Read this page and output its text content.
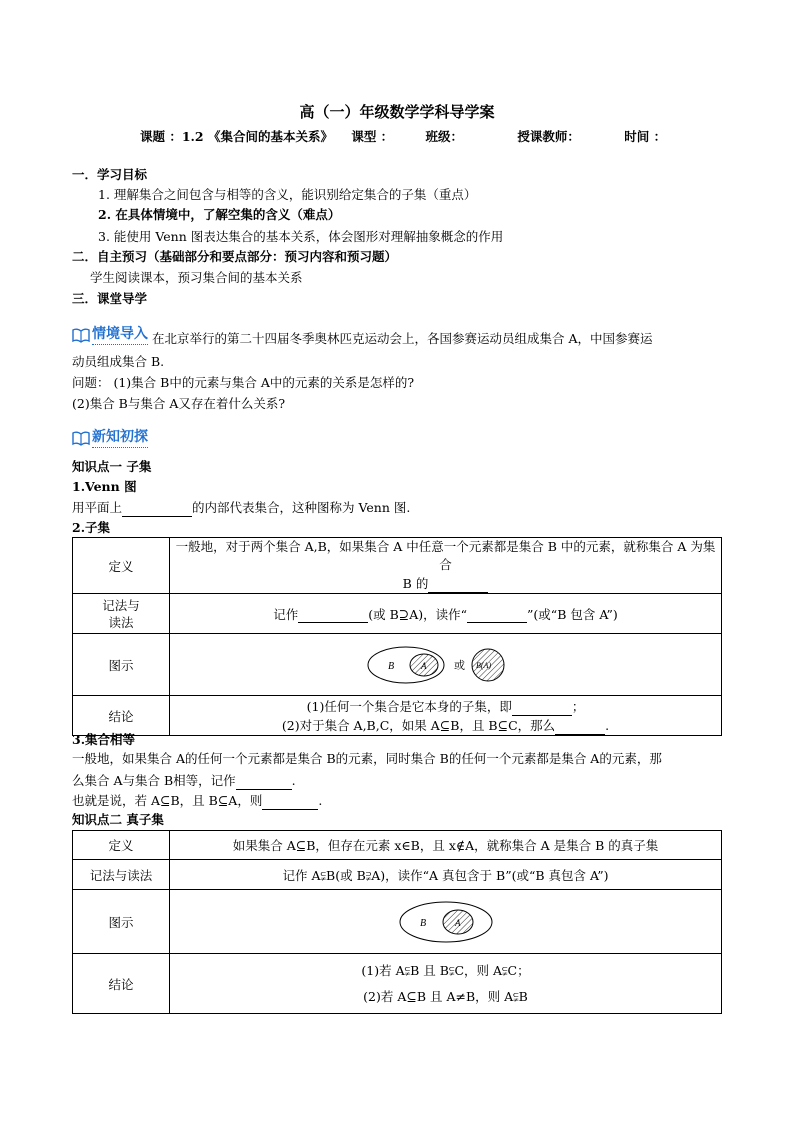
高（一）年级数学学科导学案
课题 ：1.2 《集合间的基本关系》 课型 ：	班级：	授课教师：	时间 ：
一．学习目标
1. 理解集合之间包含与相等的含义，能识别给定集合的子集（重点）
2. 在具体情境中，了解空集的含义（难点）
3. 能使用 Venn 图表达集合的基本关系，体会图形对理解抽象概念的作用
二．自主预习（基础部分和要点部分：预习内容和预习题）
学生阅读课本，预习集合间的基本关系
三．课堂导学
情境导入 在北京举行的第二十四届冬季奥林匹克运动会上，各国参赛运动员组成集合 A，中国参赛运
动员组成集合 B.
问题： (1)集合 B中的元素与集合 A中的元素的关系是怎样的?
(2)集合 B与集合 A又存在着什么关系?
新知初探
知识点一 子集
1.Venn 图
用平面上	的内部代表集合，这种图称为 Venn 图.
2.子集
定义	一般地，对于两个集合 A,B，如果集合 A 中任意一个元素都是集合 B 中的元素，就称集合 A 为集合
B 的

记法与
读法	记作 (或 B⊇A)，读作“ ”(或“B 包含 A”)
图示	B A 或 B(A)

结论	(1)任何一个集合是它本身的子集，即 ；
(2)对于集合 A,B,C，如果 A⊆B，且 B⊆C，那么 .
3.集合相等
一般地，如果集合 A的任何一个元素都是集合 B的元素，同时集合 B的任何一个元素都是集合 A的元素，那
么集合 A与集合 B相等，记作	.
也就是说，若 A⊆B，且 B⊆A，则	.
知识点二 真子集
定义	如果集合 A⊆B，但存在元素 x∈B，且 x∉A，就称集合 A 是集合 B 的真子集
记法与读法	记作 A⫋B(或 B⫌A)，读作“A 真包含于 B”(或“B 真包含 A”)
图示	B A

结论	(1)若 A⫋B 且 B⫋C，则 A⫋C；
(2)若 A⊆B 且 A≠B，则 A⫋B
